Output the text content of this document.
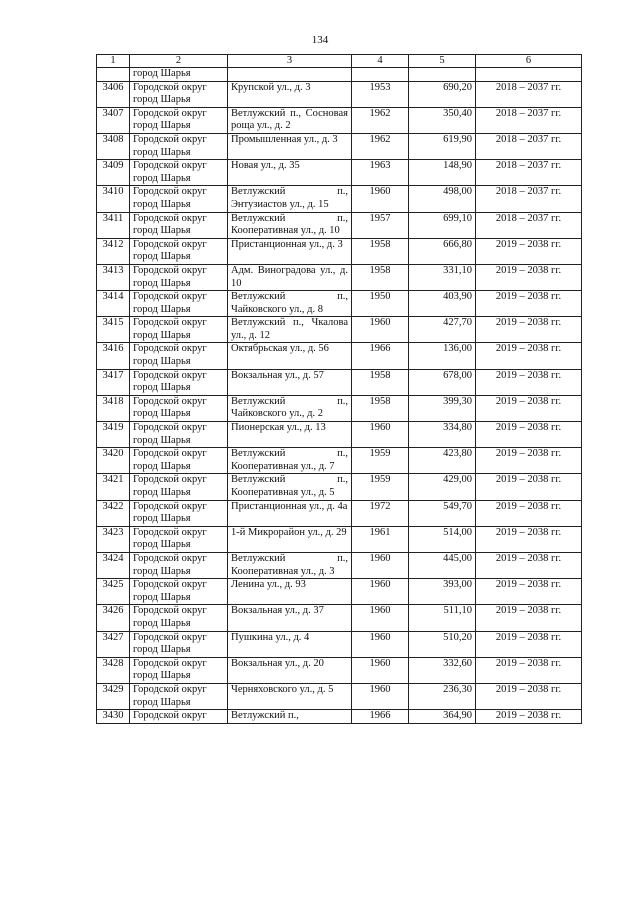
134
1	2	3	4	5	6
	город Шарья				
3406	Городской округ город Шарья	Крупской ул., д. 3	1953	690,20	2018 – 2037 гг.
3407	Городской округ город Шарья	Ветлужский п., Сосновая роща ул., д. 2	1962	350,40	2018 – 2037 гг.
3408	Городской округ город Шарья	Промышленная ул., д. 3	1962	619,90	2018 – 2037 гг.
3409	Городской округ город Шарья	Новая ул., д. 35	1963	148,90	2018 – 2037 гг.
3410	Городской округ город Шарья	Ветлужский п., Энтузиастов ул., д. 15	1960	498,00	2018 – 2037 гг.
3411	Городской округ город Шарья	Ветлужский п., Кооперативная ул., д. 10	1957	699,10	2018 – 2037 гг.
3412	Городской округ город Шарья	Пристанционная ул., д. 3	1958	666,80	2019 – 2038 гг.
3413	Городской округ город Шарья	Адм. Виноградова ул., д. 10	1958	331,10	2019 – 2038 гг.
3414	Городской округ город Шарья	Ветлужский п., Чайковского ул., д. 8	1950	403,90	2019 – 2038 гг.
3415	Городской округ город Шарья	Ветлужский п., Чкалова ул., д. 12	1960	427,70	2019 – 2038 гг.
3416	Городской округ город Шарья	Октябрьская ул., д. 56	1966	136,00	2019 – 2038 гг.
3417	Городской округ город Шарья	Вокзальная ул., д. 57	1958	678,00	2019 – 2038 гг.
3418	Городской округ город Шарья	Ветлужский п., Чайковского ул., д. 2	1958	399,30	2019 – 2038 гг.
3419	Городской округ город Шарья	Пионерская ул., д. 13	1960	334,80	2019 – 2038 гг.
3420	Городской округ город Шарья	Ветлужский п., Кооперативная ул., д. 7	1959	423,80	2019 – 2038 гг.
3421	Городской округ город Шарья	Ветлужский п., Кооперативная ул., д. 5	1959	429,00	2019 – 2038 гг.
3422	Городской округ город Шарья	Пристанционная ул., д. 4а	1972	549,70	2019 – 2038 гг.
3423	Городской округ город Шарья	1-й Микрорайон ул., д. 29	1961	514,00	2019 – 2038 гг.
3424	Городской округ город Шарья	Ветлужский п., Кооперативная ул., д. 3	1960	445,00	2019 – 2038 гг.
3425	Городской округ город Шарья	Ленина ул., д. 93	1960	393,00	2019 – 2038 гг.
3426	Городской округ город Шарья	Вокзальная ул., д. 37	1960	511,10	2019 – 2038 гг.
3427	Городской округ город Шарья	Пушкина ул., д. 4	1960	510,20	2019 – 2038 гг.
3428	Городской округ город Шарья	Вокзальная ул., д. 20	1960	332,60	2019 – 2038 гг.
3429	Городской округ город Шарья	Черняховского ул., д. 5	1960	236,30	2019 – 2038 гг.
3430	Городской округ	Ветлужский п.,	1966	364,90	2019 – 2038 гг.
